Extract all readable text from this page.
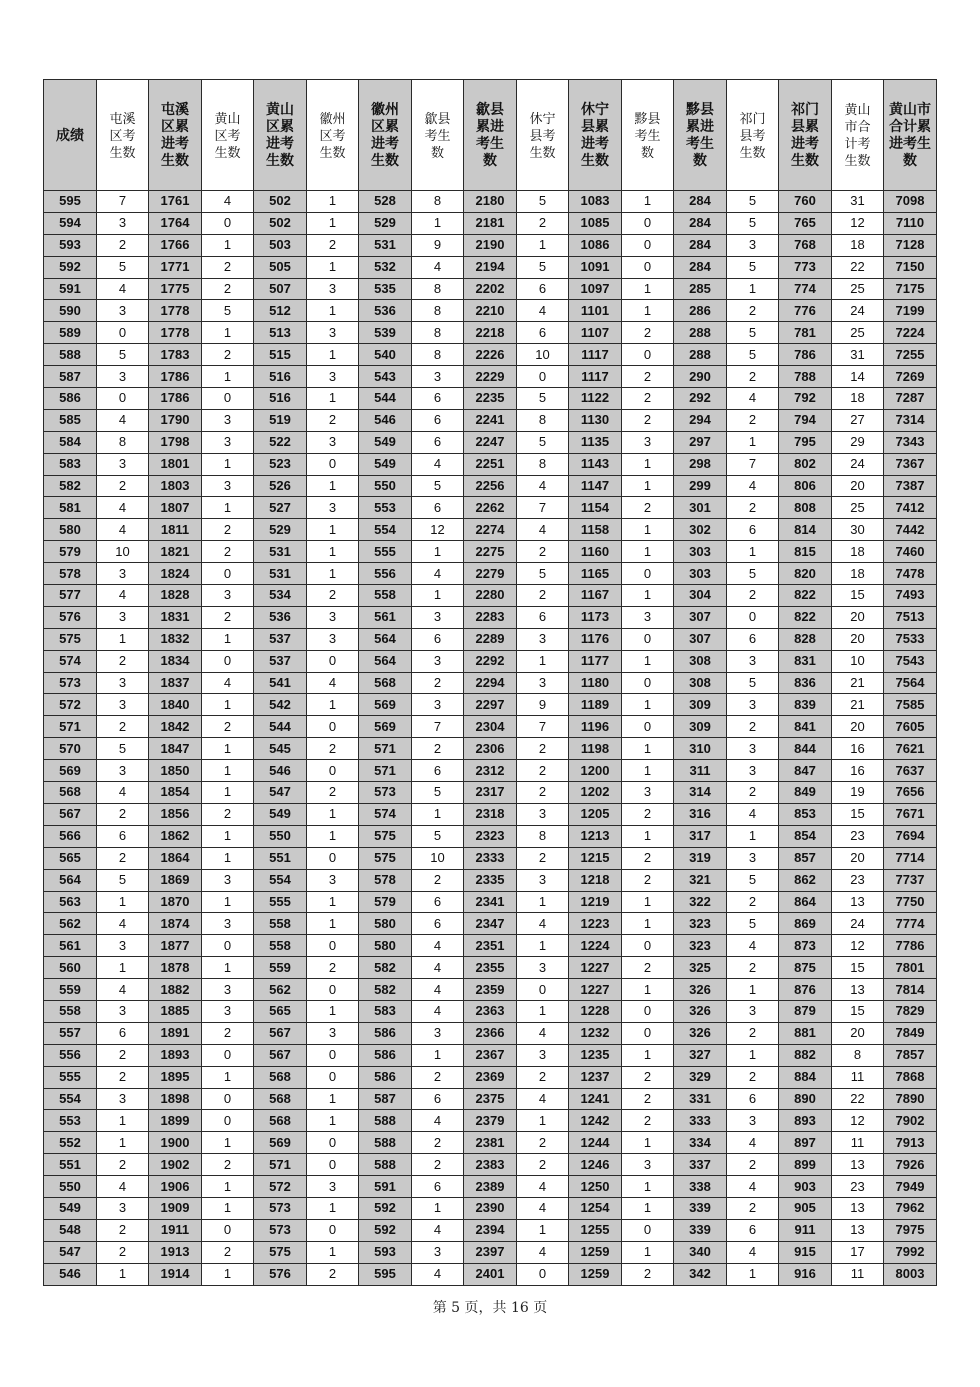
成绩	屯溪区考生数	屯溪区累进考生数	黄山区考生数	黄山区累进考生数	徽州区考生数	徽州区累进考生数	歙县考生数	歙县累进考生数	休宁县考生数	休宁县累进考生数	黟县考生数	黟县累进考生数	祁门县考生数	祁门县累进考生数	黄山市合计考生数	黄山市合计累进考生数
595	7	1761	4	502	1	528	8	2180	5	1083	1	284	5	760	31	7098
594	3	1764	0	502	1	529	1	2181	2	1085	0	284	5	765	12	7110
593	2	1766	1	503	2	531	9	2190	1	1086	0	284	3	768	18	7128
592	5	1771	2	505	1	532	4	2194	5	1091	0	284	5	773	22	7150
591	4	1775	2	507	3	535	8	2202	6	1097	1	285	1	774	25	7175
590	3	1778	5	512	1	536	8	2210	4	1101	1	286	2	776	24	7199
589	0	1778	1	513	3	539	8	2218	6	1107	2	288	5	781	25	7224
588	5	1783	2	515	1	540	8	2226	10	1117	0	288	5	786	31	7255
587	3	1786	1	516	3	543	3	2229	0	1117	2	290	2	788	14	7269
586	0	1786	0	516	1	544	6	2235	5	1122	2	292	4	792	18	7287
585	4	1790	3	519	2	546	6	2241	8	1130	2	294	2	794	27	7314
584	8	1798	3	522	3	549	6	2247	5	1135	3	297	1	795	29	7343
583	3	1801	1	523	0	549	4	2251	8	1143	1	298	7	802	24	7367
582	2	1803	3	526	1	550	5	2256	4	1147	1	299	4	806	20	7387
581	4	1807	1	527	3	553	6	2262	7	1154	2	301	2	808	25	7412
580	4	1811	2	529	1	554	12	2274	4	1158	1	302	6	814	30	7442
579	10	1821	2	531	1	555	1	2275	2	1160	1	303	1	815	18	7460
578	3	1824	0	531	1	556	4	2279	5	1165	0	303	5	820	18	7478
577	4	1828	3	534	2	558	1	2280	2	1167	1	304	2	822	15	7493
576	3	1831	2	536	3	561	3	2283	6	1173	3	307	0	822	20	7513
575	1	1832	1	537	3	564	6	2289	3	1176	0	307	6	828	20	7533
574	2	1834	0	537	0	564	3	2292	1	1177	1	308	3	831	10	7543
573	3	1837	4	541	4	568	2	2294	3	1180	0	308	5	836	21	7564
572	3	1840	1	542	1	569	3	2297	9	1189	1	309	3	839	21	7585
571	2	1842	2	544	0	569	7	2304	7	1196	0	309	2	841	20	7605
570	5	1847	1	545	2	571	2	2306	2	1198	1	310	3	844	16	7621
569	3	1850	1	546	0	571	6	2312	2	1200	1	311	3	847	16	7637
568	4	1854	1	547	2	573	5	2317	2	1202	3	314	2	849	19	7656
567	2	1856	2	549	1	574	1	2318	3	1205	2	316	4	853	15	7671
566	6	1862	1	550	1	575	5	2323	8	1213	1	317	1	854	23	7694
565	2	1864	1	551	0	575	10	2333	2	1215	2	319	3	857	20	7714
564	5	1869	3	554	3	578	2	2335	3	1218	2	321	5	862	23	7737
563	1	1870	1	555	1	579	6	2341	1	1219	1	322	2	864	13	7750
562	4	1874	3	558	1	580	6	2347	4	1223	1	323	5	869	24	7774
561	3	1877	0	558	0	580	4	2351	1	1224	0	323	4	873	12	7786
560	1	1878	1	559	2	582	4	2355	3	1227	2	325	2	875	15	7801
559	4	1882	3	562	0	582	4	2359	0	1227	1	326	1	876	13	7814
558	3	1885	3	565	1	583	4	2363	1	1228	0	326	3	879	15	7829
557	6	1891	2	567	3	586	3	2366	4	1232	0	326	2	881	20	7849
556	2	1893	0	567	0	586	1	2367	3	1235	1	327	1	882	8	7857
555	2	1895	1	568	0	586	2	2369	2	1237	2	329	2	884	11	7868
554	3	1898	0	568	1	587	6	2375	4	1241	2	331	6	890	22	7890
553	1	1899	0	568	1	588	4	2379	1	1242	2	333	3	893	12	7902
552	1	1900	1	569	0	588	2	2381	2	1244	1	334	4	897	11	7913
551	2	1902	2	571	0	588	2	2383	2	1246	3	337	2	899	13	7926
550	4	1906	1	572	3	591	6	2389	4	1250	1	338	4	903	23	7949
549	3	1909	1	573	1	592	1	2390	4	1254	1	339	2	905	13	7962
548	2	1911	0	573	0	592	4	2394	1	1255	0	339	6	911	13	7975
547	2	1913	2	575	1	593	3	2397	4	1259	1	340	4	915	17	7992
546	1	1914	1	576	2	595	4	2401	0	1259	2	342	1	916	11	8003
第 5 页，共 16 页
